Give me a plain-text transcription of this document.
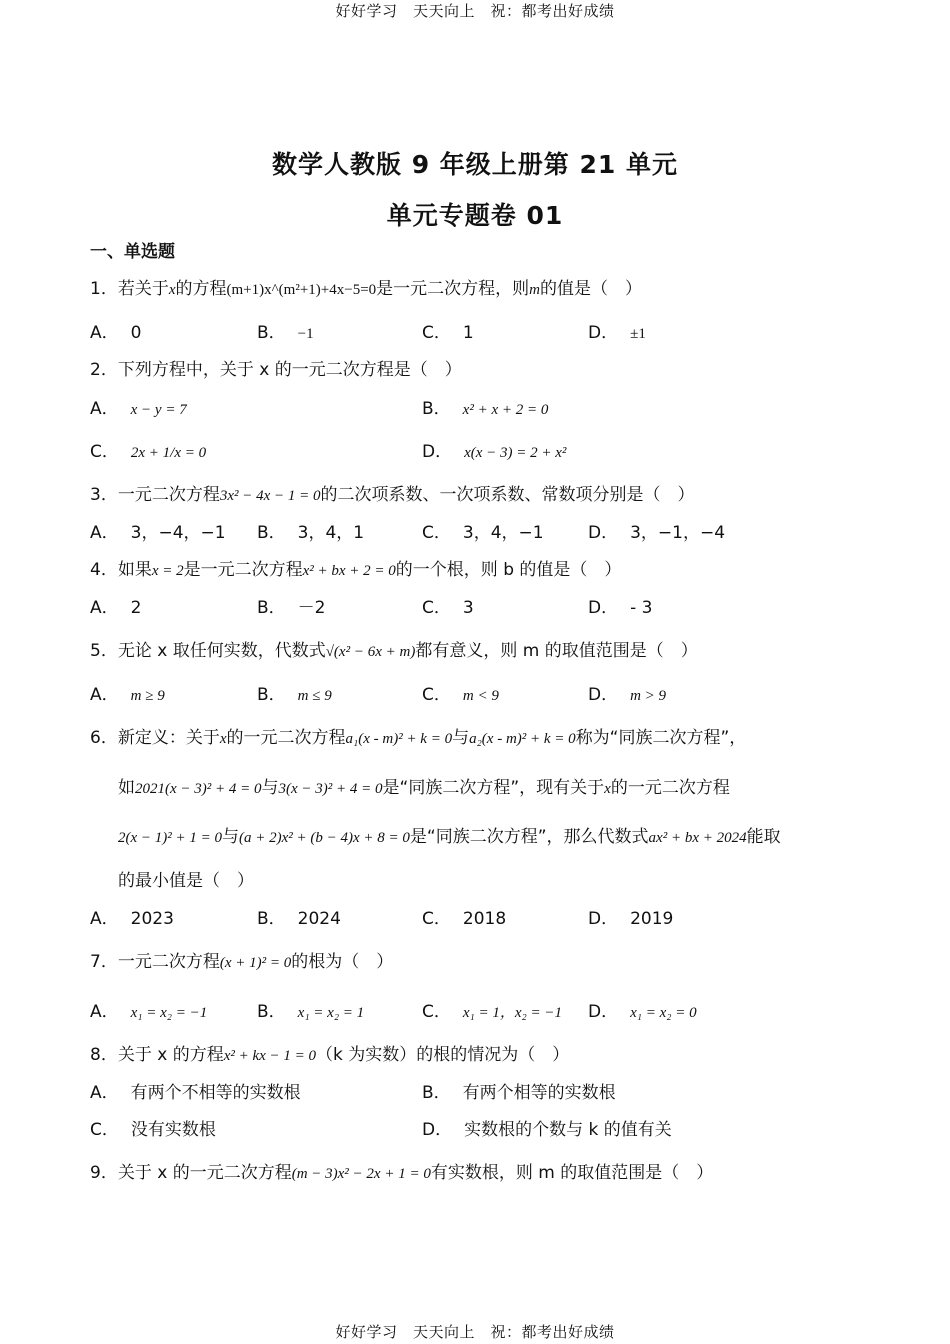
好好学习　天天向上　祝：都考出好成绩
数学人教版 9 年级上册第 21 单元
单元专题卷 01
一、单选题
1．若关于x的方程(m+1)x^(m²+1)+4x−5=0是一元二次方程，则m的值是（　）
A． 0	B． −1	C． 1	D． ±1
2．下列方程中，关于 x 的一元二次方程是（　）
A． x − y = 7	B． x² + x + 2 = 0
C． 2x + 1/x = 0	D． x(x − 3) = 2 + x²
3．一元二次方程3x² − 4x − 1 = 0的二次项系数、一次项系数、常数项分别是（　）
A． 3，−4，−1 B． 3，4，1	C． 3，4，−1	D． 3，−1，−4
4．如果x = 2是一元二次方程x² + bx + 2 = 0的一个根，则 b 的值是（　）
A． 2	B． －2	C． 3	D． - 3
5．无论 x 取任何实数，代数式√(x² − 6x + m)都有意义，则 m 的取值范围是（　）
A． m ≥ 9	B． m ≤ 9	C． m < 9	D． m > 9
6．新定义：关于x的一元二次方程a₁(x - m)² + k = 0与a₂(x - m)² + k = 0称为“同族二次方程”，
如2021(x − 3)² + 4 = 0与3(x − 3)² + 4 = 0是“同族二次方程”，现有关于x的一元二次方程
2(x − 1)² + 1 = 0与(a + 2)x² + (b − 4)x + 8 = 0是“同族二次方程”，那么代数式ax² + bx + 2024能取
的最小值是（　）
A． 2023	B． 2024	C． 2018	D． 2019
7．一元二次方程(x + 1)² = 0的根为（　）
A． x₁ = x₂ = −1	B． x₁ = x₂ = 1	C． x₁ = 1，x₂ = −1 D． x₁ = x₂ = 0
8．关于 x 的方程x² + kx − 1 = 0（k 为实数）的根的情况为（　）
A． 有两个不相等的实数根	B． 有两个相等的实数根
C． 没有实数根	D． 实数根的个数与 k 的值有关
9．关于 x 的一元二次方程(m − 3)x² − 2x + 1 = 0有实数根，则 m 的取值范围是（　）
好好学习　天天向上　祝：都考出好成绩
